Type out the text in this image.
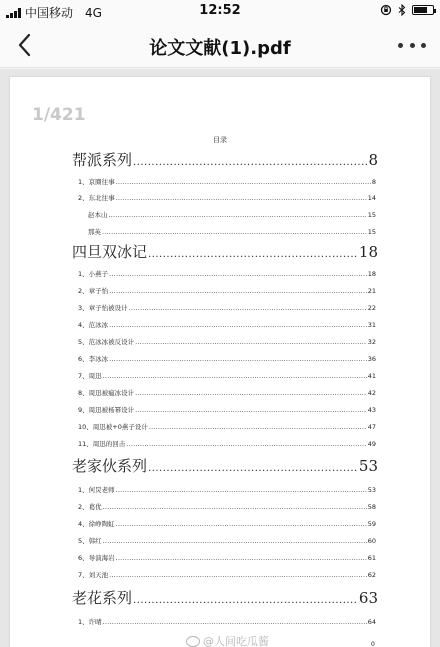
中国移动 4G	12:52
论文文献(1).pdf
1/421
目录
帮派系列 .....	8
1、京圈往事 .....	8
2、东北往事 .....	14
赵本山 .....	15
那英 .....	15
四旦双冰记 .....	18
1、小燕子 .....	18
2、章子怡 .....	21
3、章子怡被设计 .....	22
4、范冰冰 .....	31
5、范冰冰被反设计 .....	32
6、李冰冰 .....	36
7、周迅 .....	41
8、周迅被瘟冰设计 .....	42
9、周迅被杨幂设计 .....	43
10、周迅被+0燕子设计 .....	47
11、周迅的回击 .....	49
老家伙系列 .....	53
1、何炅老师 .....	53
2、葛优 .....	58
4、徐峥陶虹 .....	59
5、韩红 .....	60
6、导演海岩 .....	61
7、刘天池 .....	62
老花系列 .....	63
1、许晴 .....	64
@人间吃瓜酱	0
